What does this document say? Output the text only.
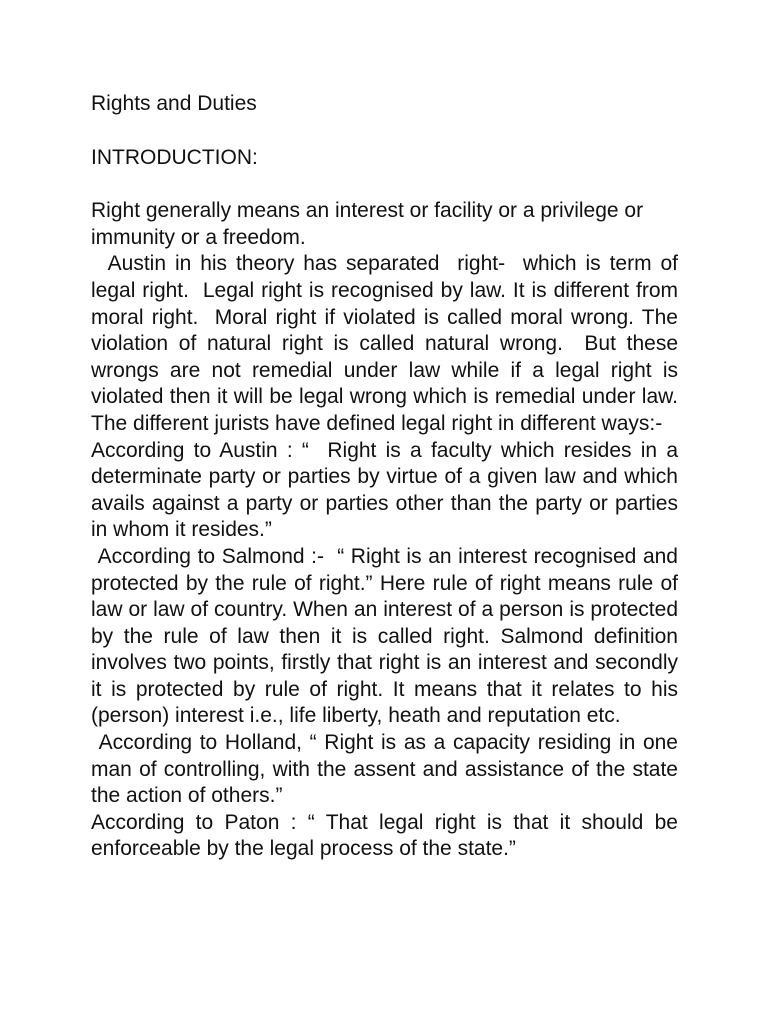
Rights and Duties
INTRODUCTION:

Right generally means an interest or facility or a privilege or immunity or a freedom.

Austin in his theory has separated  right-  which is term of legal right.  Legal right is recognised by law. It is different from moral right.  Moral right if violated is called moral wrong. The violation of natural right is called natural wrong.  But these wrongs are not remedial under law while if a legal right is violated then it will be legal wrong which is remedial under law. The different jurists have defined legal right in different ways:-

According to Austin : “  Right is a faculty which resides in a determinate party or parties by virtue of a given law and which avails against a party or parties other than the party or parties in whom it resides.”

According to Salmond :-  “ Right is an interest recognised and protected by the rule of right.” Here rule of right means rule of law or law of country. When an interest of a person is protected by the rule of law then it is called right. Salmond definition involves two points, firstly that right is an interest and secondly it is protected by rule of right. It means that it relates to his (person) interest i.e., life liberty, heath and reputation etc.

According to Holland, “ Right is as a capacity residing in one man of controlling, with the assent and assistance of the state the action of others.”

According to Paton : “ That legal right is that it should be enforceable by the legal process of the state.”
